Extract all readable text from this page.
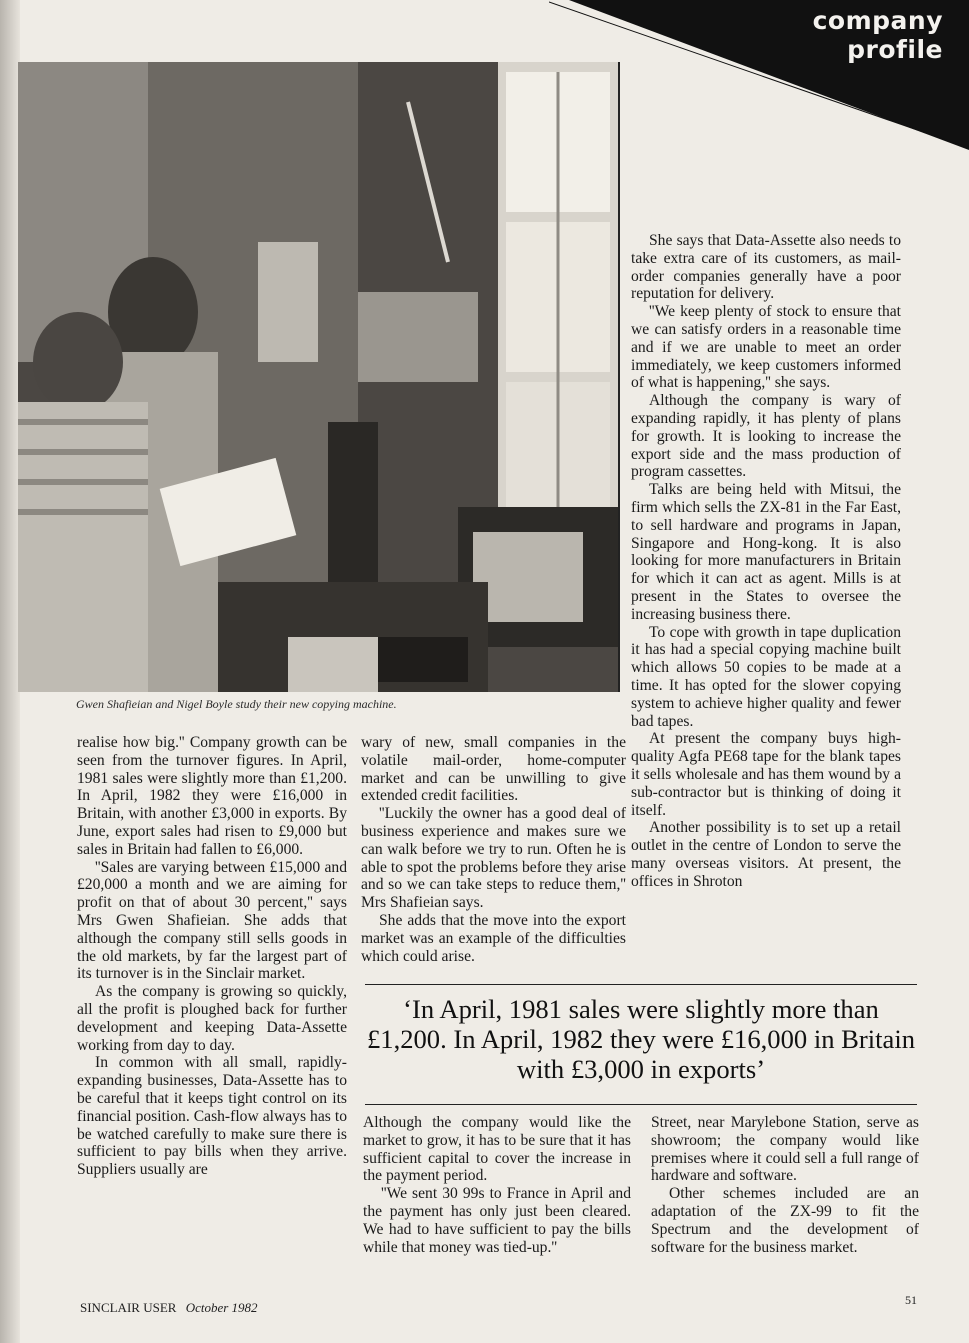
company
profile
Gwen Shafieian and Nigel Boyle study their new copying machine.

realise how big.'' Company growth can be seen from the turnover figures. In April, 1981 sales were slightly more than £1,200. In April, 1982 they were £16,000 in Britain, with another £3,000 in exports. By June, export sales had risen to £9,000 but sales in Britain had fallen to £6,000.

''Sales are varying between £15,000 and £20,000 a month and we are aiming for profit on that of about 30 percent,'' says Mrs Gwen Shafieian. She adds that although the company still sells goods in the old markets, by far the largest part of its turnover is in the Sinclair market.

As the company is growing so quickly, all the profit is ploughed back for further development and keeping Data-Assette working from day to day.

In common with all small, rapidly-expanding businesses, Data-Assette has to be careful that it keeps tight control on its financial position. Cash-flow always has to be watched carefully to make sure there is sufficient to pay bills when they arrive. Suppliers usually are

wary of new, small companies in the volatile mail-order, home-computer market and can be unwilling to give extended credit facilities.

''Luckily the owner has a good deal of business experience and makes sure we can walk before we try to run. Often he is able to spot the problems before they arise and so we can take steps to reduce them,'' Mrs Shafieian says.

She adds that the move into the export market was an example of the difficulties which could arise.

She says that Data-Assette also needs to take extra care of its customers, as mail-order companies generally have a poor reputation for delivery.

''We keep plenty of stock to ensure that we can satisfy orders in a reasonable time and if we are unable to meet an order immediately, we keep customers informed of what is happening,'' she says.

Although the company is wary of expanding rapidly, it has plenty of plans for growth. It is looking to increase the export side and the mass production of program cassettes.

Talks are being held with Mitsui, the firm which sells the ZX-81 in the Far East, to sell hardware and programs in Japan, Singapore and Hong-kong. It is also looking for more manufacturers in Britain for which it can act as agent. Mills is at present in the States to oversee the increasing business there.

To cope with growth in tape duplication it has had a special copying machine built which allows 50 copies to be made at a time. It has opted for the slower copying system to achieve higher quality and fewer bad tapes.

At present the company buys high-quality Agfa PE68 tape for the blank tapes it sells wholesale and has them wound by a sub-contractor but is thinking of doing it itself.

Another possibility is to set up a retail outlet in the centre of London to serve the many overseas visitors. At present, the offices in Shroton

‘In April, 1981 sales were slightly more than £1,200. In April, 1982 they were £16,000 in Britain with £3,000 in exports’

Although the company would like the market to grow, it has to be sure that it has sufficient capital to cover the increase in the payment period.

''We sent 30 99s to France in April and the payment has only just been cleared. We had to have sufficient to pay the bills while that money was tied-up.''

Street, near Marylebone Station, serve as showroom; the company would like premises where it could sell a full range of hardware and software.

Other schemes included are an adaptation of the ZX-99 to fit the Spectrum and the development of software for the business market.

SINCLAIR USER October 1982	51
